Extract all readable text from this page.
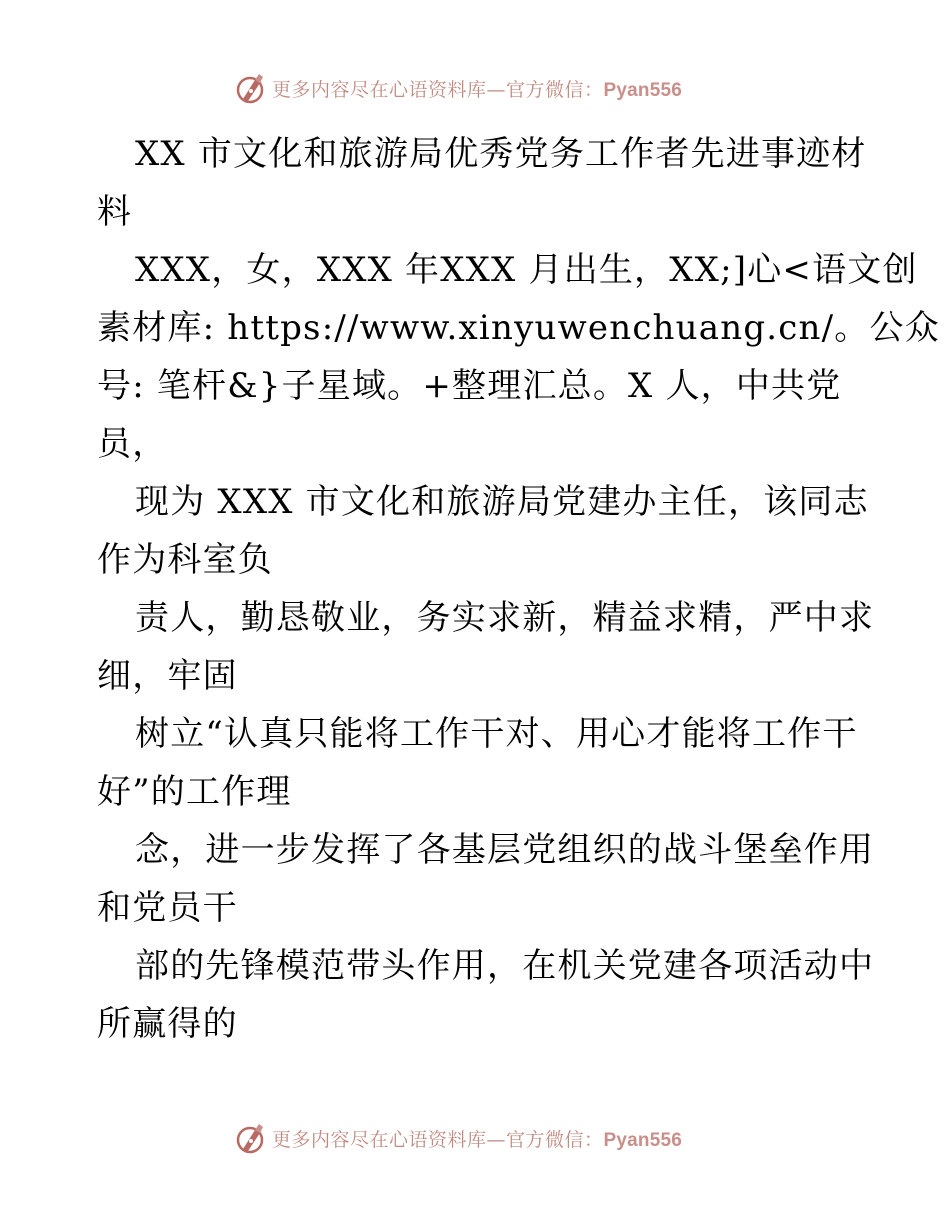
更多内容尽在心语资料库—官方微信：Pyan556
XX 市文化和旅游局优秀党务工作者先进事迹材
料
XXX，女，XXX 年XXX 月出生，XX;]心<语文创
素材库: https://www.xinyuwenchuang.cn/。公众
号: 笔杆&}子星域。+整理汇总。X 人，中共党
员，
现为 XXX 市文化和旅游局党建办主任，该同志
作为科室负
责人，勤恳敬业，务实求新，精益求精，严中求
细，牢固
树立“认真只能将工作干对、用心才能将工作干
好”的工作理
念，进一步发挥了各基层党组织的战斗堡垒作用
和党员干
部的先锋模范带头作用，在机关党建各项活动中
所赢得的
更多内容尽在心语资料库—官方微信：Pyan556
